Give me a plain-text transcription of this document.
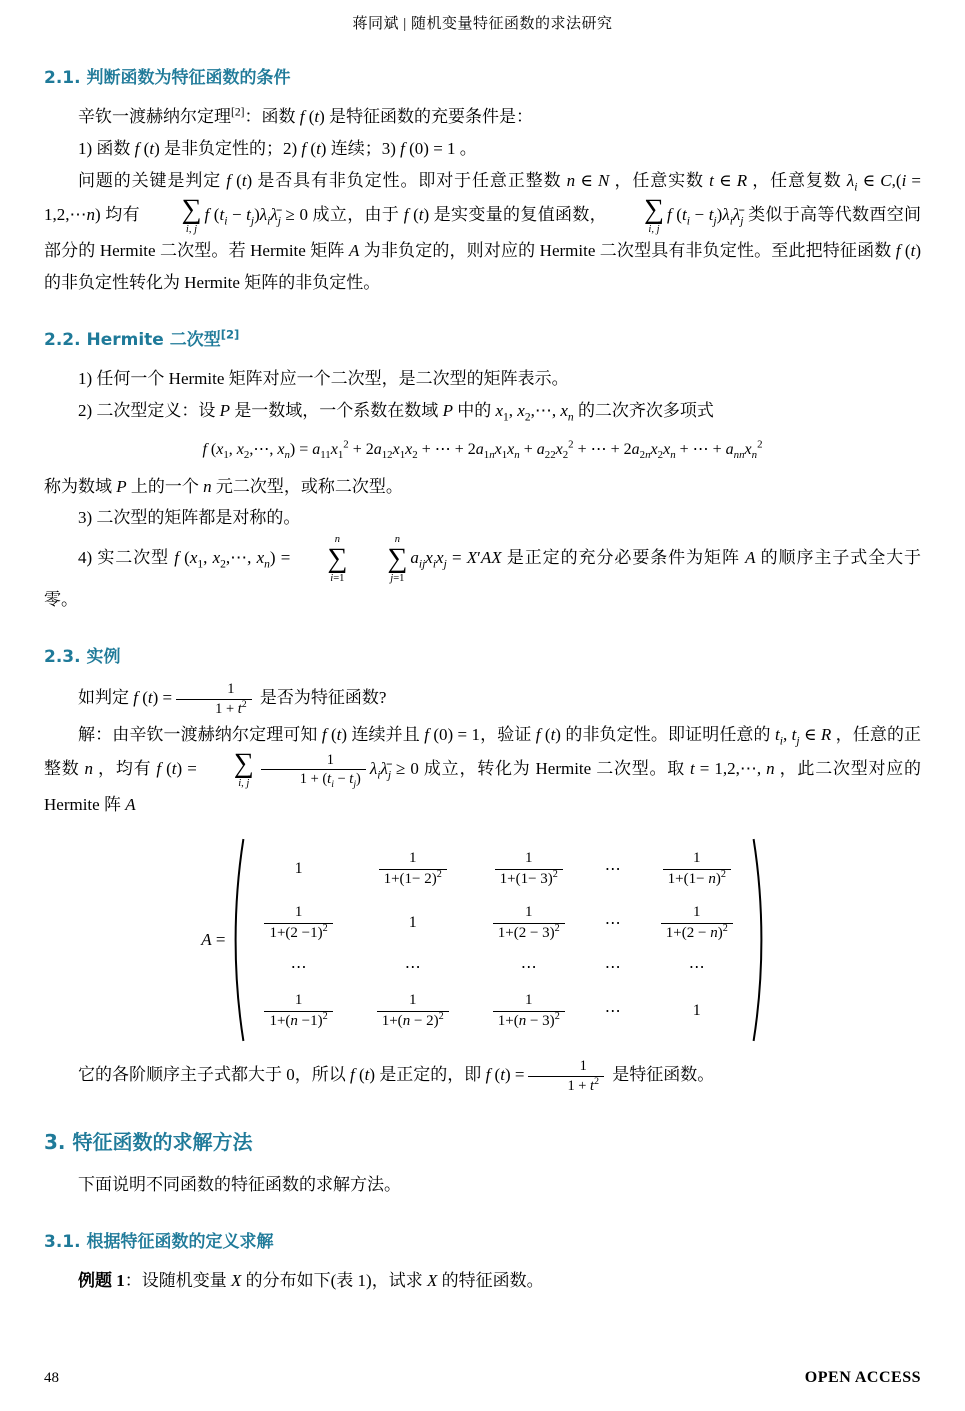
蒋同斌 | 随机变量特征函数的求法研究
2.1. 判断函数为特征函数的条件

辛钦一渡赫纳尔定理[2]：函数 f (t) 是特征函数的充要条件是：

1) 函数 f (t) 是非负定性的；2) f (t) 连续；3) f (0) = 1 。

问题的关键是判定 f (t) 是否具有非负定性。即对于任意正整数 n ∈ N ，任意实数 t ∈ R ，任意复数 $\lambda_i$ ∈ C,(i = 1,2,⋯n) 均有	∑
i, j
f ($t_i$ − $t_j)\lambda_i\lambdā_j \ge 0$ 成立，由于 f (t) 是实变量的复值函数，	∑
i, j
f ($t_i$ − $t_j)\lambda_i\lambdā_j$ 类似于高等代数酉空间部分的 Hermite 二次型。若 Hermite 矩阵 A 为非负定的，则对应的 Hermite 二次型具有非负定性。至此把特征函数 f (t) 的非负定性转化为 Hermite 矩阵的非负定性。

2.2. Hermite 二次型[2]

1) 任何一个 Hermite 矩阵对应一个二次型，是二次型的矩阵表示。

2) 二次型定义：设 P 是一数域，一个系数在数域 P 中的 $x_1$, $x_2,\cdots$, $x_n$ 的二次齐次多项式

f ($x_1$, $x_2,\cdots$, $x_n) = a_{11}x_1^2 + 2a_{12}x_1x_2$ + ⋯ + $2a_{1n}x_1x_n + a_{22}x_2^2$ + ⋯ + $2a_{2n}x_2x_n$ + ⋯ + $a_{nn}x_n^2$

称为数域 P 上的一个 n 元二次型，或称二次型。

3) 二次型的矩阵都是对称的。

4) 实二次型 f ($x_1$, $x_2,\cdots$, $x_n$) =
n
∑
i=1
n
∑
j=1
$a_{ij}x_ix_j = X'AX$ 是正定的充分必要条件为矩阵 A 的顺序主子式全大于零。

2.3. 实例

如判定 f $(t) = \frac{1}{1 + t^2}$ 是否为特征函数?

解：由辛钦一渡赫纳尔定理可知 f (t) 连续并且 f (0) = 1，验证 f (t) 的非负定性。即证明任意的 $t_i$, $t_j$ ∈ R ，任意的正整数 n ，均有 f (t) =	∑
i, j $\frac{1}{1 + (t_i - t_j)}$ $\lambda_i\lambdā_j \ge 0$ 成立，转化为 Hermite 二次型。取 t = 1,2,⋯, n ，此二次型对应的 Hermite 阵 A

A =
1	$\frac{1}{1+(1- 2)^2}$	$\frac{1}{1+(1- 3)^2}$	⋯	$\frac{1}{1+(1- n)^2}$
$\frac{1}{1+(2 -1)^2}$	1	$\frac{1}{1+(2 - 3)^2}$	⋯	$\frac{1}{1+(2 - n)^2}$
⋯	⋯	⋯	⋯	⋯
$\frac{1}{1+(n -1)^2}$	$\frac{1}{1+(n - 2)^2}$	$\frac{1}{1+(n - 3)^2}$	⋯	1

它的各阶顺序主子式都大于 0，所以 f (t) 是正定的，即 f $(t) = \frac{1}{1 + t^2}$ 是特征函数。

3. 特征函数的求解方法

下面说明不同函数的特征函数的求解方法。

3.1. 根据特征函数的定义求解

例题 1：设随机变量 X 的分布如下(表 1)，试求 X 的特征函数。

48	OPEN ACCESS
